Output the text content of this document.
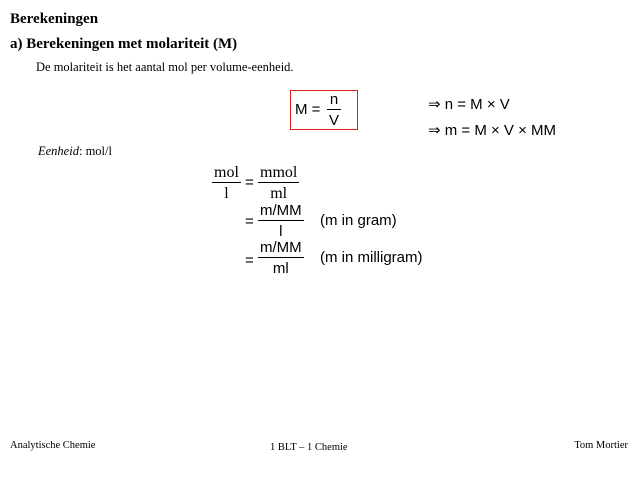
Berekeningen
a) Berekeningen met molariteit (M)
De molariteit is het aantal mol per volume-eenheid.
M =
n
V
⇒ n = M × V
⇒ m = M × V × MM
Eenheid: mol/l
mol
l
=
mmol
ml
=
m/MM
l
(m in gram)
=
m/MM
ml
(m in milligram)
Analytische Chemie	1 BLT – 1 Chemie	Tom Mortier
